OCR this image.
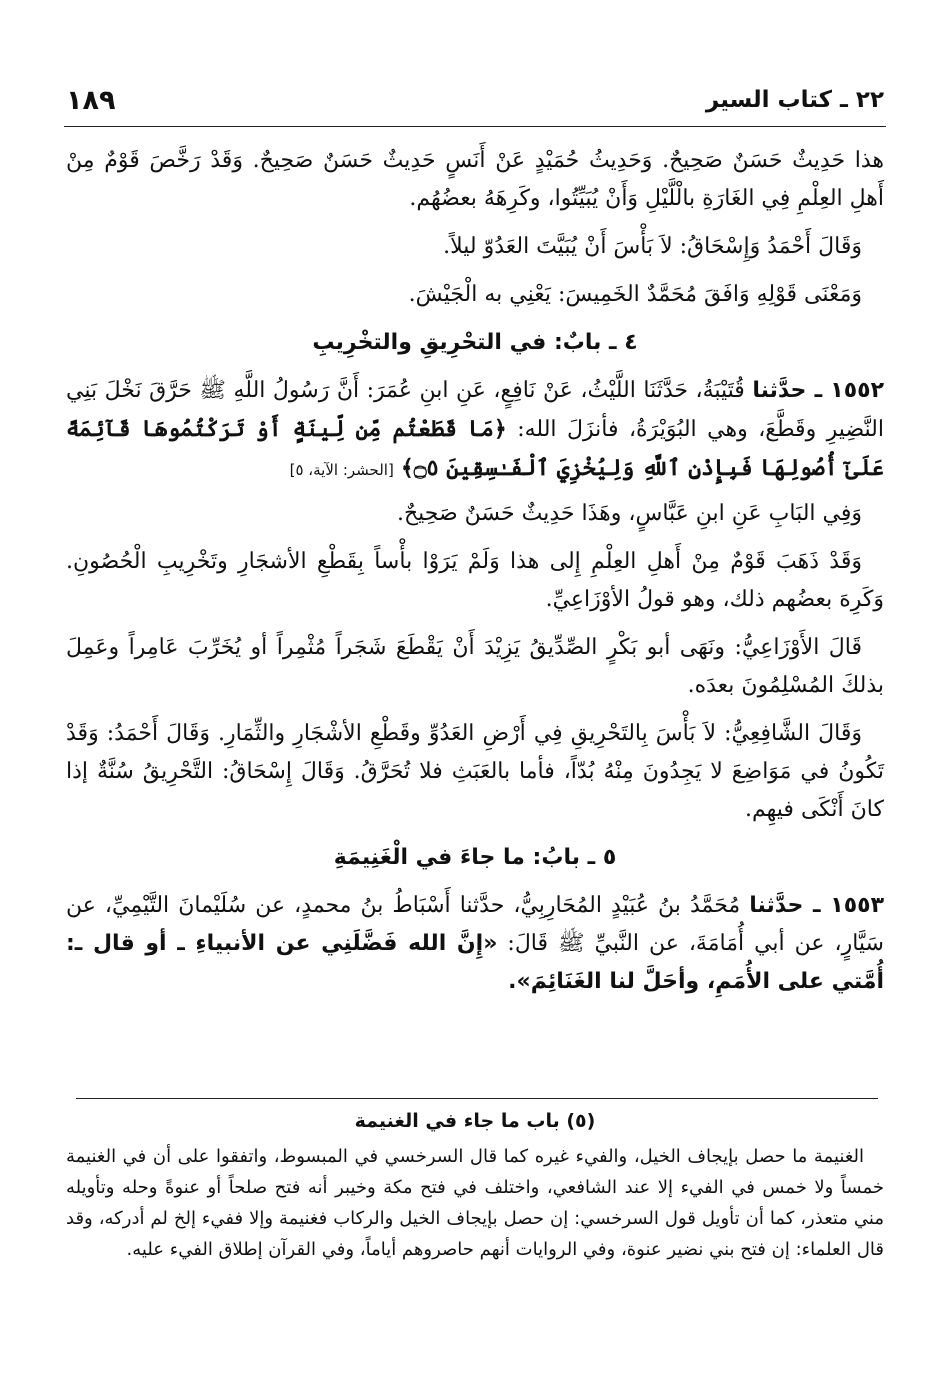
١٨٩	٢٢ ـ كتاب السير

هذا حَدِيثٌ حَسَنٌ صَحِيحٌ. وَحَدِيثُ حُمَيْدٍ عَنْ أَنَسٍ حَدِيثٌ حَسَنٌ صَحِيحٌ. وَقَدْ رَخَّصَ قَوْمٌ مِنْ أَهلِ العِلْمِ فِي الغَارَةِ بالْلَّيْلِ وَأَنْ يُبَيِّتُوا، وكَرِهَهُ بعضُهُم.

وَقَالَ أَحْمَدُ وَإِسْحَاقُ: لاَ بَأْسَ أَنْ يُبَيَّتَ العَدُوّ ليلاً.

وَمَعْنَى قَوْلِهِ وَافَقَ مُحَمَّدٌ الخَمِيسَ: يَعْنِي به الْجَيْشَ.

٤ ـ بابٌ: في التحْرِيقِ والتخْرِيبِ

١٥٥٢ ـ حدَّثنا قُتَيْبَةُ، حَدَّثَنَا اللَّيْثُ، عَنْ نَافِعٍ، عَنِ ابنِ عُمَرَ: أَنَّ رَسُولُ اللَّهِ ﷺ حَرَّقَ نَخْلَ بَنِي النَّضِيرِ وقَطَّعَ، وهي البُوَيْرَةُ، فأنزَلَ الله: ﴿مَا قَطَعْتُم مِّن لِّينَةٍ أَوْ تَرَكْتُمُوهَا قَآئِمَةً عَلَىٰٓ أُصُولِهَا فَبِإِذْنِ ٱللَّهِ وَلِيُخْزِيَ ٱلْفَـٰسِقِينَ ۝٥﴾ [الحشر: الآية، ٥]

وَفِي البَابِ عَنِ ابنِ عَبَّاسٍ، وهَذَا حَدِيثٌ حَسَنٌ صَحِيحٌ.

وَقَدْ ذَهَبَ قَوْمٌ مِنْ أَهلِ العِلْمِ إِلى هذا وَلَمْ يَرَوْا بأْساً بِقَطْعِ الأشجَارِ وتَخْرِيبِ الْحُصُونِ. وَكَرِهَ بعضُهم ذلك، وهو قولُ الأوْزَاعِيِّ.

قَالَ الأَوْزَاعِيُّ: ونَهَى أبو بَكْرٍ الصِّدِّيقُ يَزِيْدَ أَنْ يَقْطَعَ شَجَراً مُثْمِراً أو يُخَرِّبَ عَامِراً وعَمِلَ بذلكَ المُسْلِمُونَ بعدَه.

وَقَالَ الشَّافِعِيُّ: لاَ بَأْسَ بِالتَحْرِيقِ فِي أَرْضِ العَدُوِّ وقَطْعِ الأشْجَارِ والثِّمَارِ. وَقَالَ أَحْمَدُ: وَقَدْ تَكُونُ في مَوَاضِعَ لا يَجِدُونَ مِنْهُ بُدّاً، فأما بالعَبَثِ فلا تُحَرَّقُ. وَقَالَ إِسْحَاقُ: التَّحْرِيقُ سُنَّةٌ إذا كانَ أَنْكَى فيهِم.

٥ ـ بابُ: ما جاءَ في الْغَنِيمَةِ

١٥٥٣ ـ حدَّثنا مُحَمَّدُ بنُ عُبَيْدٍ المُحَارِبِيُّ، حدَّثنا أَسْبَاطُ بنُ محمدٍ، عن سُلَيْمانَ التَّيْمِيِّ، عن سَيَّارٍ، عن أبي أُمَامَةَ، عن النَّبيِّ ﷺ قَالَ: «إِنَّ الله فَضَّلَنِي عن الأنبياءِ ـ أو قال ـ: أُمَّتي على الأُمَمِ، وأحَلَّ لنا الغَنَائِمَ».

(٥) باب ما جاء في الغنيمة

الغنيمة ما حصل بإيجاف الخيل، والفيء غيره كما قال السرخسي في المبسوط، واتفقوا على أن في الغنيمة خمساً ولا خمس في الفيء إلا عند الشافعي، واختلف في فتح مكة وخيبر أنه فتح صلحاً أو عنوةً وحله وتأويله مني متعذر، كما أن تأويل قول السرخسي: إن حصل بإيجاف الخيل والركاب فغنيمة وإلا ففيء إلخ لم أدركه، وقد قال العلماء: إن فتح بني نضير عنوة، وفي الروايات أنهم حاصروهم أياماً، وفي القرآن إطلاق الفيء عليه.
